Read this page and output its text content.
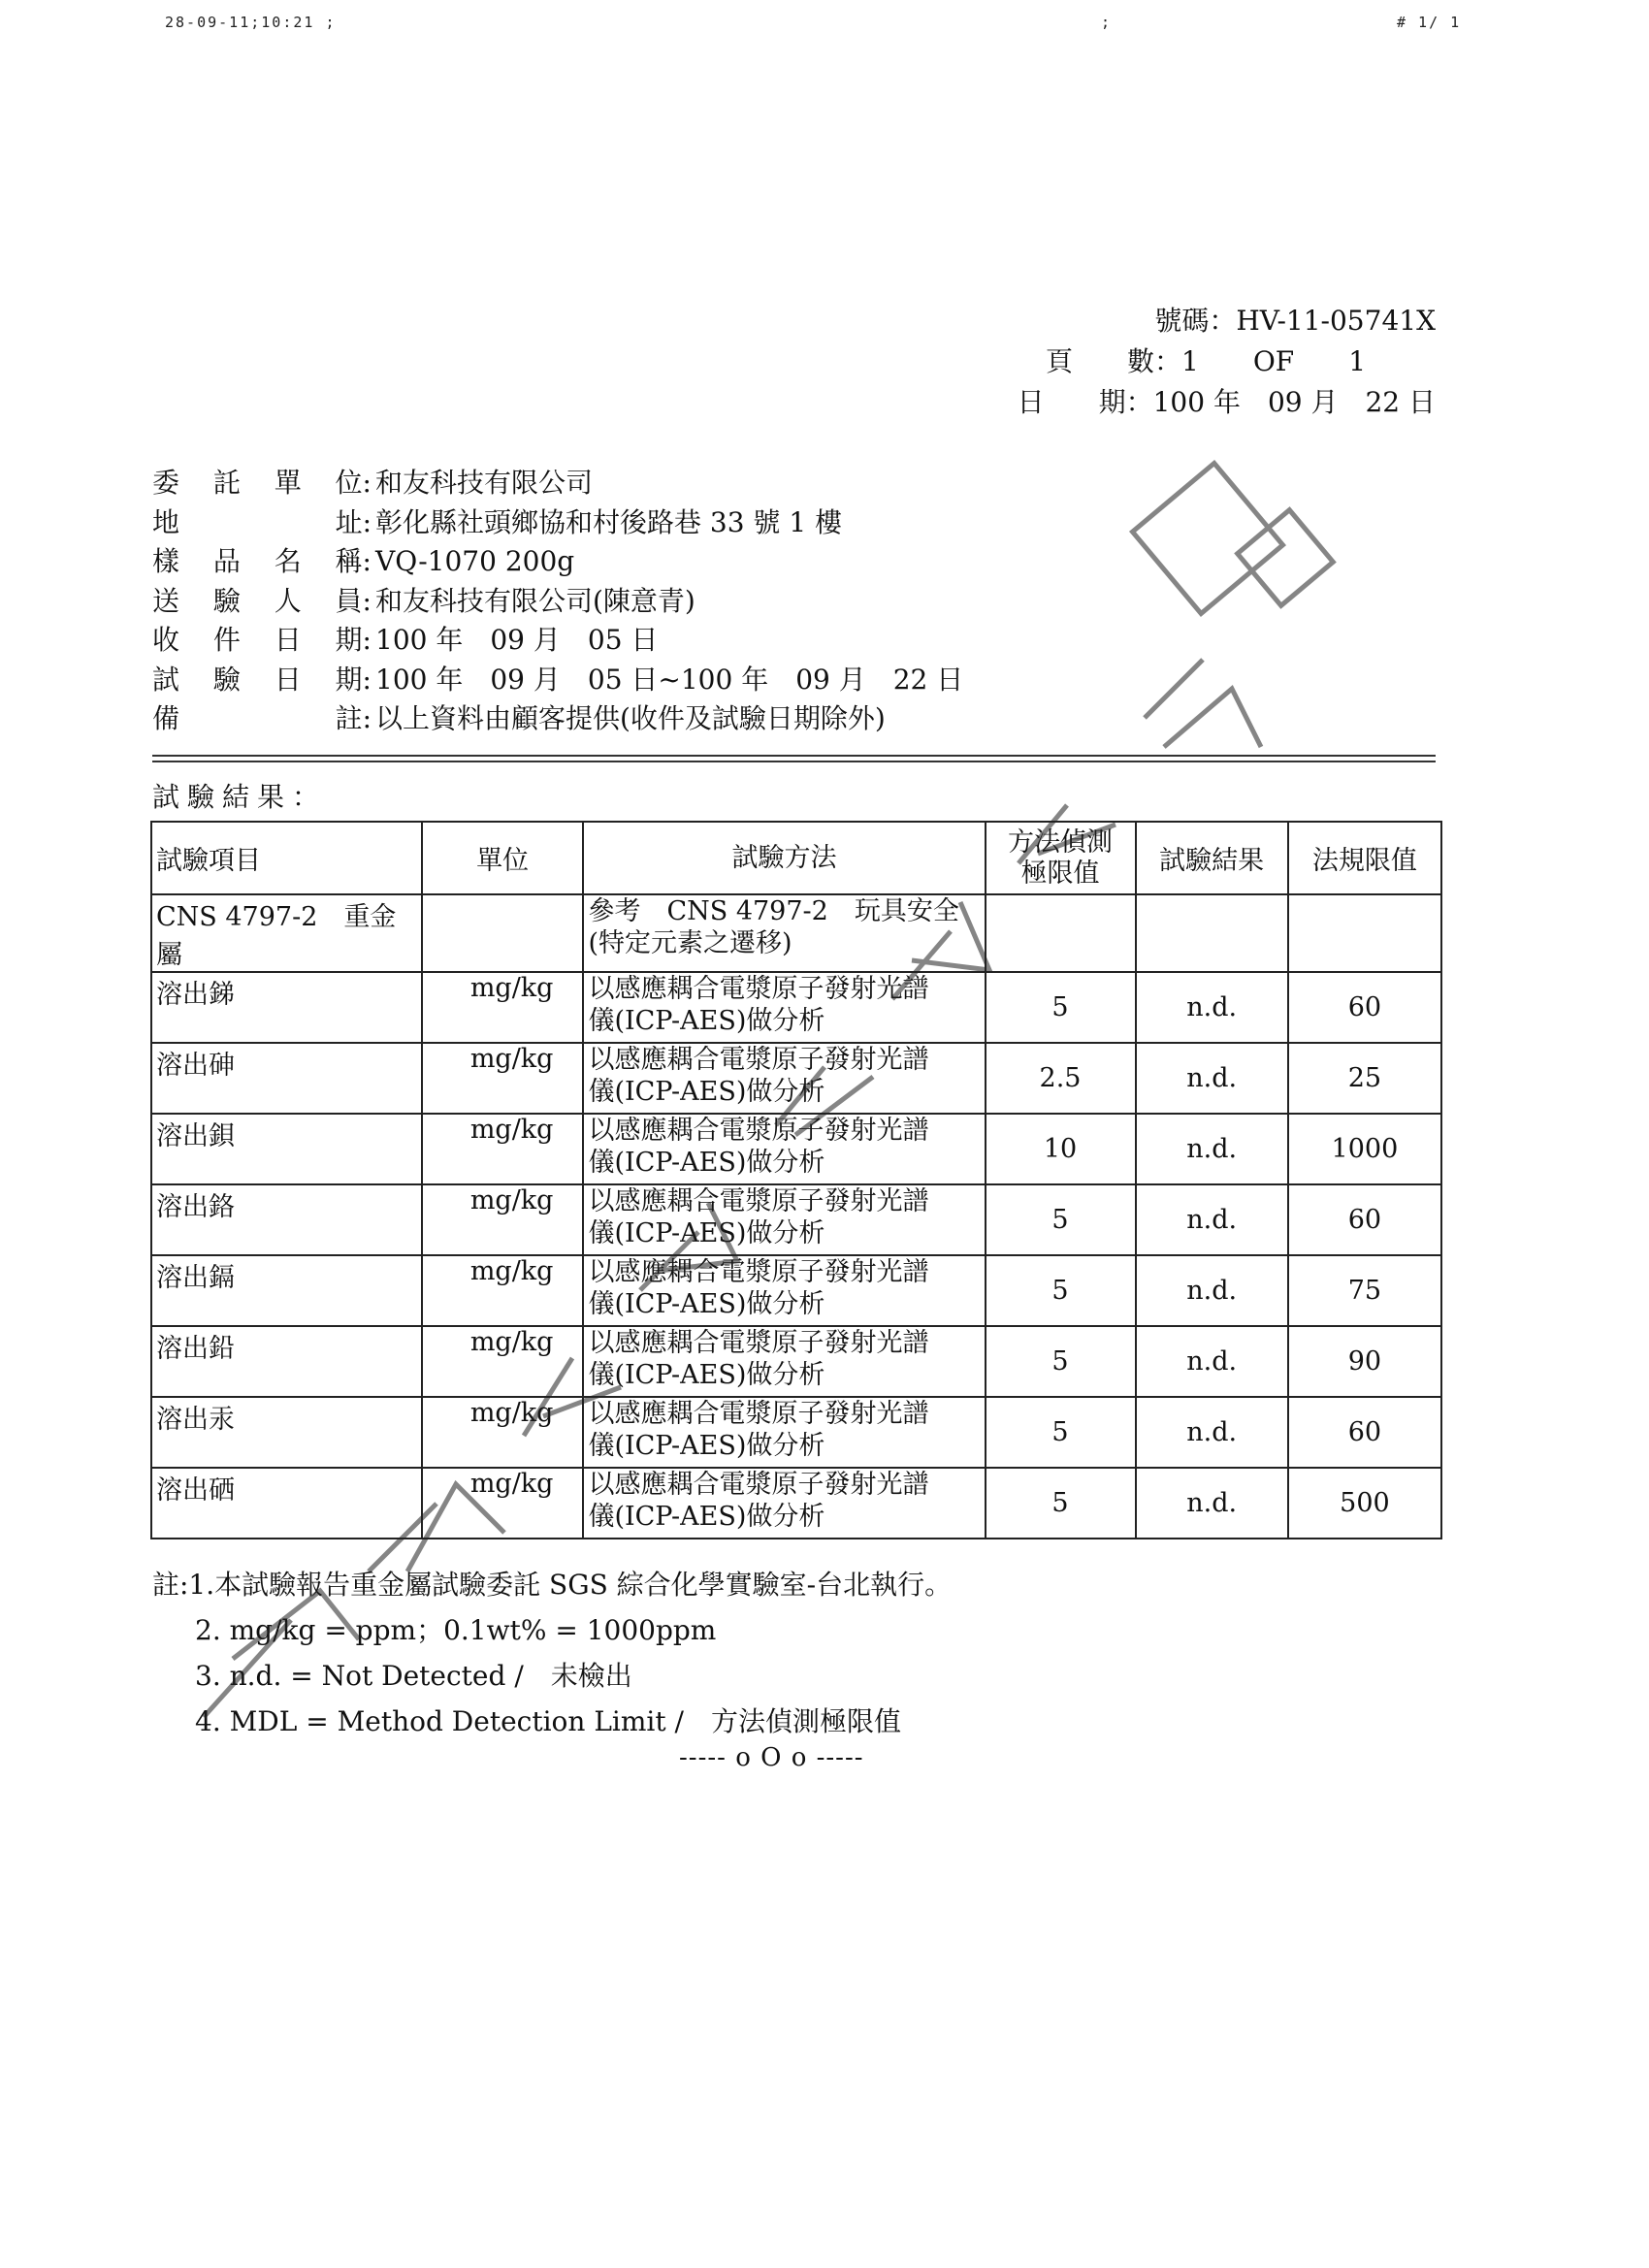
28-09-11;10:21 ;	;	# 1/ 1
號碼： HV-11-05741X
頁　　數： 1　　OF　　1
日　　期： 100 年　09 月　22 日
委 託 單 位: 和友科技有限公司
地	址: 彰化縣社頭鄉協和村後路巷 33 號 1 樓
樣 品 名 稱: VQ-1070 200g
送 驗 人 員: 和友科技有限公司(陳意青)
收 件 日 期: 100 年　09 月　05 日
試 驗 日 期: 100 年　09 月　05 日~100 年　09 月　22 日
備	註: 以上資料由顧客提供(收件及試驗日期除外)
試驗結果：
試驗項目	單位	試驗方法	方法偵測
極限值	試驗結果	法規限值
CNS 4797-2　重金屬		參考　CNS 4797-2　玩具安全
(特定元素之遷移)			

溶出銻	mg/kg	以感應耦合電漿原子發射光譜
儀(ICP-AES)做分析	5	n.d.	60
溶出砷	mg/kg	以感應耦合電漿原子發射光譜
儀(ICP-AES)做分析	2.5	n.d.	25
溶出鋇	mg/kg	以感應耦合電漿原子發射光譜
儀(ICP-AES)做分析	10	n.d.	1000
溶出鉻	mg/kg	以感應耦合電漿原子發射光譜
儀(ICP-AES)做分析	5	n.d.	60
溶出鎘	mg/kg	以感應耦合電漿原子發射光譜
儀(ICP-AES)做分析	5	n.d.	75
溶出鉛	mg/kg	以感應耦合電漿原子發射光譜
儀(ICP-AES)做分析	5	n.d.	90
溶出汞	mg/kg	以感應耦合電漿原子發射光譜
儀(ICP-AES)做分析	5	n.d.	60
溶出硒	mg/kg	以感應耦合電漿原子發射光譜
儀(ICP-AES)做分析	5	n.d.	500
註:1.本試驗報告重金屬試驗委託 SGS 綜合化學實驗室-台北執行。
2. mg/kg = ppm；0.1wt% = 1000ppm
3. n.d. = Not Detected /　未檢出
4. MDL = Method Detection Limit /　方法偵測極限值
----- o O o -----
